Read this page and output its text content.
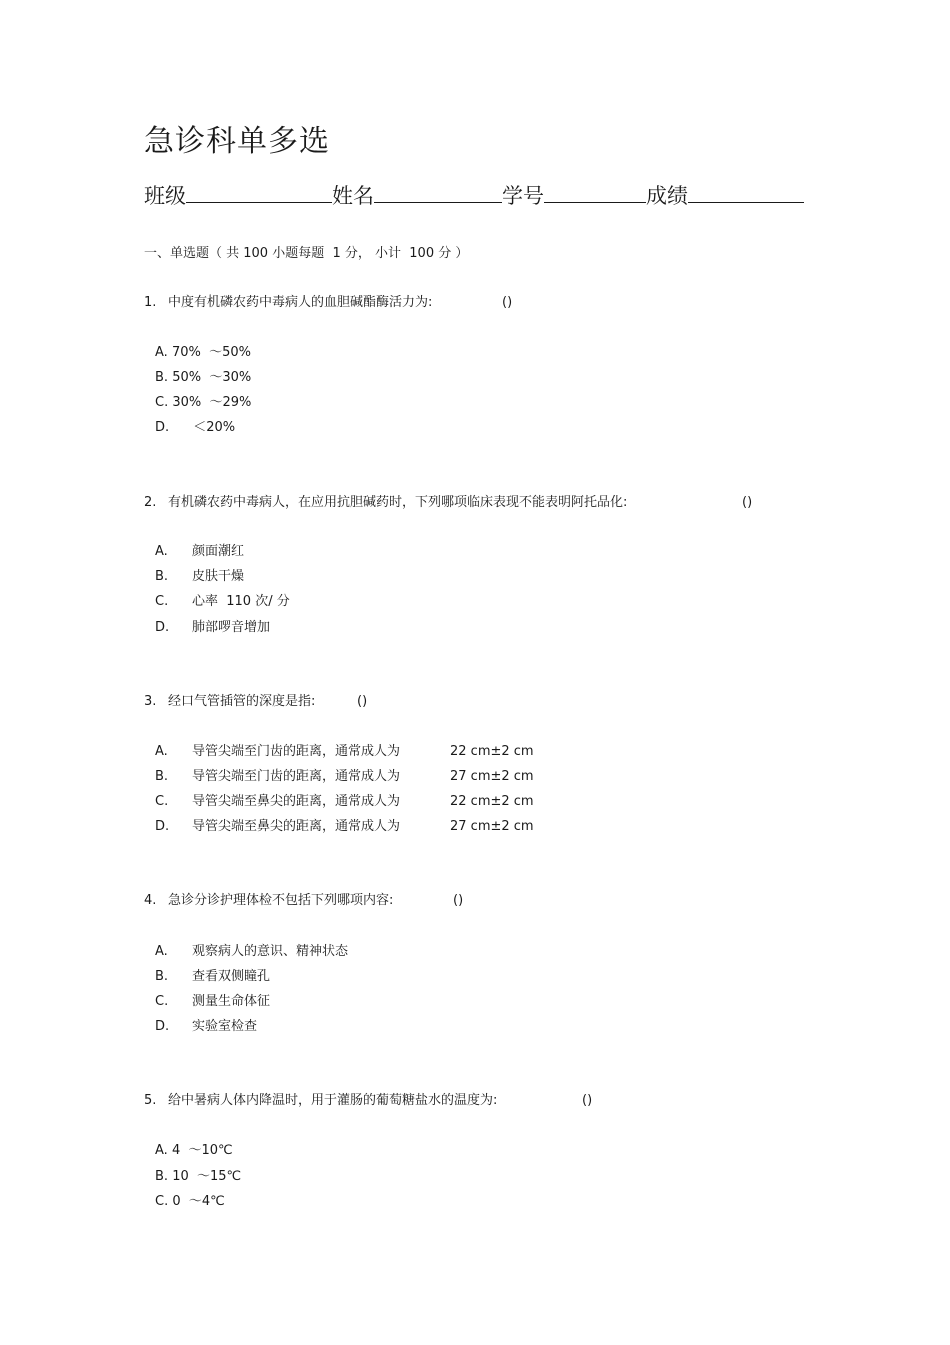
急诊科单多选
班级	姓名	学号	成绩
一、单选题（ 共 100 小题每题  1 分， 小计  100 分 ）
1. 中度有机磷农药中毒病人的血胆碱酯酶活力为:	()
A. 70%  ～50%
B. 50%  ～30%
C. 30%  ～29%
D.  ＜20%
2. 有机磷农药中毒病人，在应用抗胆碱药时，下列哪项临床表现不能表明阿托品化:	()
A. 颜面潮红
B. 皮肤干燥
C. 心率  110 次/ 分
D. 肺部啰音增加
3. 经口气管插管的深度是指:	()
A. 导管尖端至门齿的距离，通常成人为	22 cm±2 cm
B. 导管尖端至门齿的距离，通常成人为	27 cm±2 cm
C. 导管尖端至鼻尖的距离，通常成人为	22 cm±2 cm
D. 导管尖端至鼻尖的距离，通常成人为	27 cm±2 cm
4. 急诊分诊护理体检不包括下列哪项内容:	()
A. 观察病人的意识、精神状态
B. 查看双侧瞳孔
C. 测量生命体征
D. 实验室检查
5. 给中暑病人体内降温时，用于灌肠的葡萄糖盐水的温度为:	()
A. 4  ～10℃
B. 10  ～15℃
C. 0  ～4℃
